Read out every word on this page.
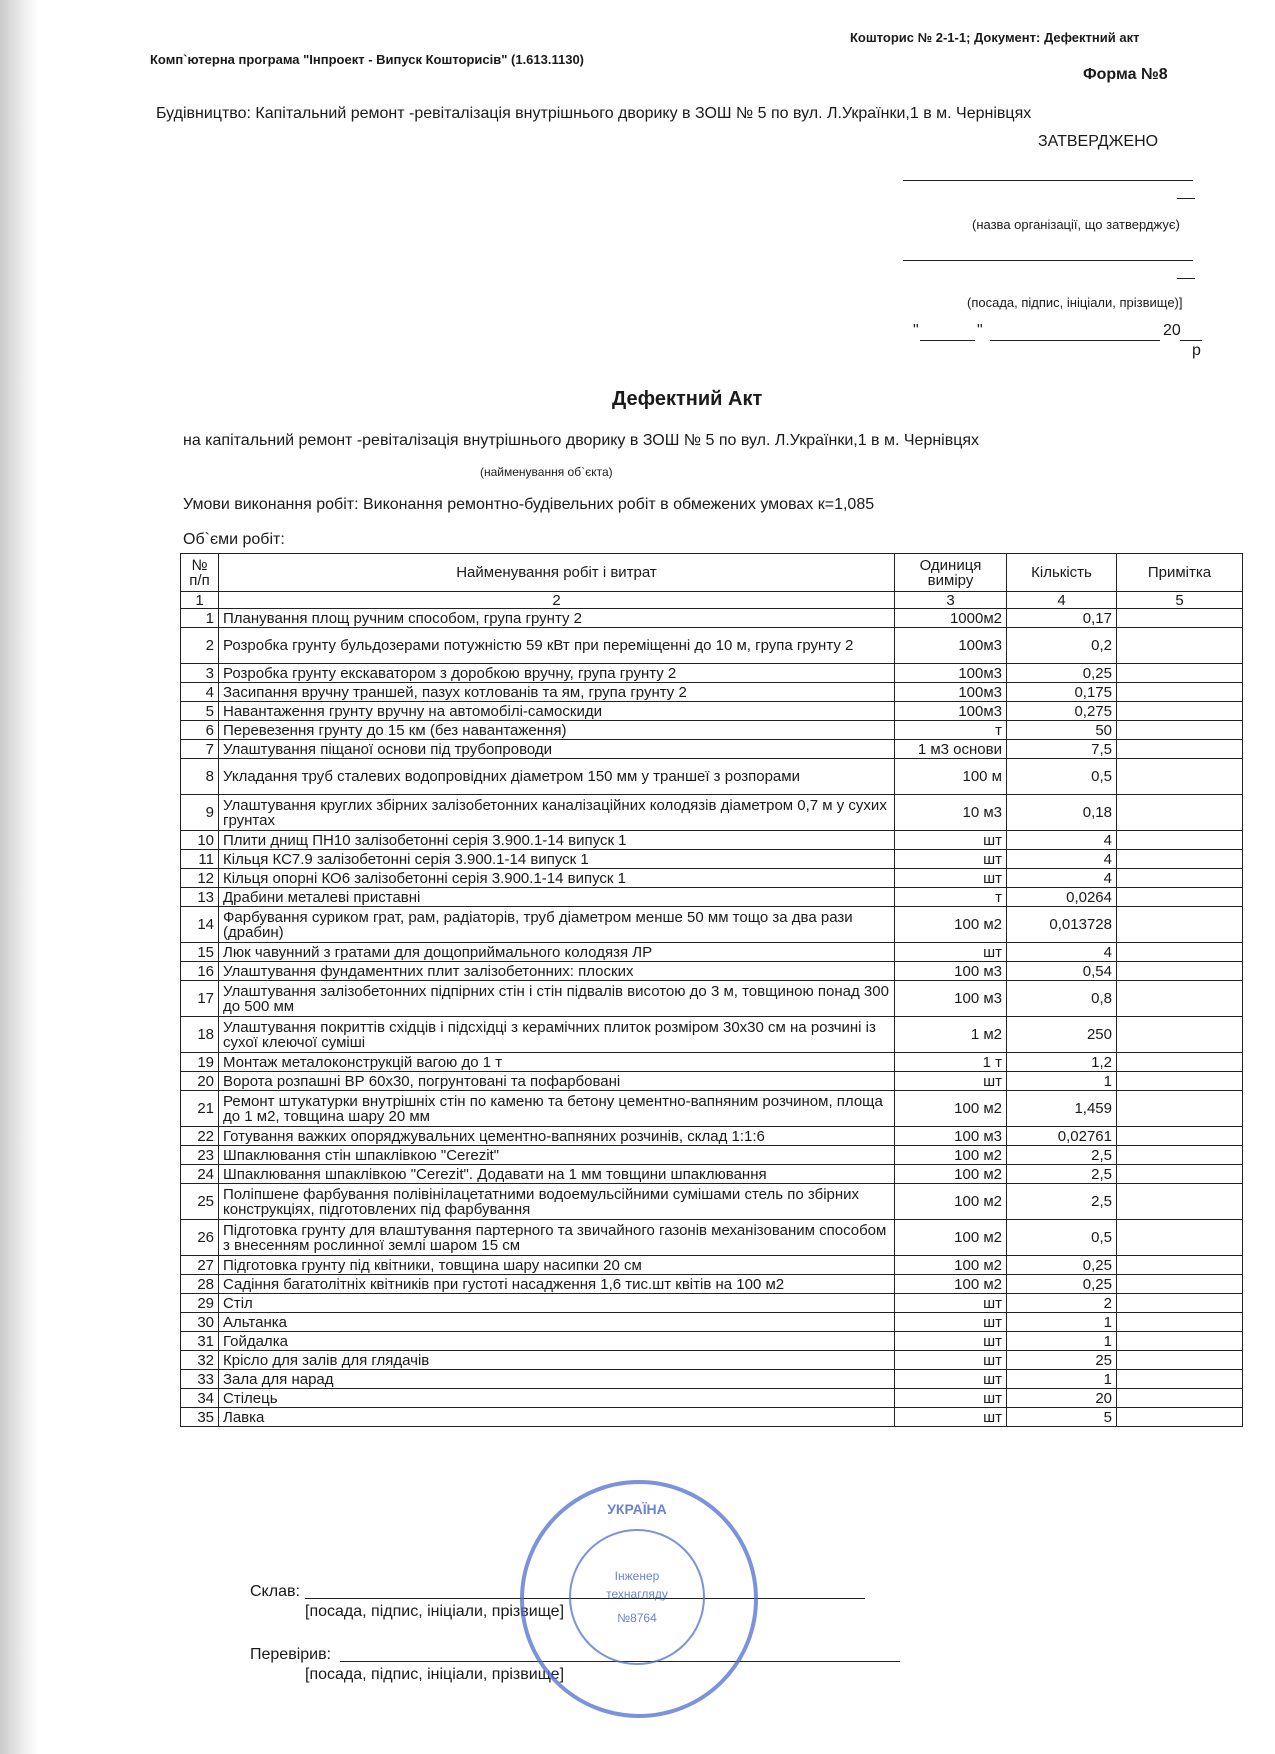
Комп`ютерна програма "Інпроект - Випуск Кошторисів" (1.613.1130)
Кошторис № 2-1-1; Документ: Дефектний акт
Форма №8
Будівництво: Капітальний ремонт -ревіталізація внутрішнього дворику в ЗОШ № 5 по вул. Л.Українки,1 в м. Чернівцях
ЗАТВЕРДЖЕНО
(назва організації, що затверджує)
(посада, підпис, ініціали, прізвище)]
"	"	20
р
Дефектний Акт
на капітальний ремонт -ревіталізація внутрішнього дворику в ЗОШ № 5 по вул. Л.Українки,1 в м. Чернівцях
(найменування об`єкта)
Умови виконання робіт: Виконання ремонтно-будівельних робіт в обмежених умовах к=1,085
Об`єми робіт:
№ п/п	Найменування робіт і витрат	Одиниця виміру	Кількість	Примітка
1	2	3	4	5
1	Планування площ ручним способом, група грунту 2	1000м2	0,17	
2	Розробка грунту бульдозерами потужністю 59 кВт при переміщенні до 10 м, група грунту 2	100м3	0,2	
3	Розробка грунту екскаватором з доробкою вручну, група грунту 2	100м3	0,25	
4	Засипання вручну траншей, пазух котлованів та ям, група грунту 2	100м3	0,175	
5	Навантаження грунту вручну на автомобілі-самоскиди	100м3	0,275	
6	Перевезення грунту до 15 км (без навантаження)	т	50	
7	Улаштування піщаної основи під трубопроводи	1 м3 основи	7,5	
8	Укладання труб сталевих водопровідних діаметром 150 мм у траншеї з розпорами	100 м	0,5	
9	Улаштування круглих збірних залізобетонних каналізаційних колодязів діаметром 0,7 м у сухих грунтах	10 м3	0,18	
10	Плити днищ ПН10 залізобетонні серія 3.900.1-14 випуск 1	шт	4	
11	Кільця КС7.9 залізобетонні серія 3.900.1-14 випуск 1	шт	4	
12	Кільця опорні КО6 залізобетонні серія 3.900.1-14 випуск 1	шт	4	
13	Драбини металеві приставні	т	0,0264	
14	Фарбування суриком грат, рам, радіаторів, труб діаметром менше 50 мм тощо за два рази (драбин)	100 м2	0,013728	
15	Люк чавунний з гратами для дощоприймального колодязя ЛР	шт	4	
16	Улаштування фундаментних плит залізобетонних: плоских	100 м3	0,54	
17	Улаштування залізобетонних підпірних стін і стін підвалів висотою до 3 м, товщиною понад 300 до 500 мм	100 м3	0,8	
18	Улаштування покриттів східців і підсхідці з керамічних плиток розміром 30х30 см на розчині із сухої клеючої суміші	1 м2	250	
19	Монтаж металоконструкцій вагою до 1 т	1 т	1,2	
20	Ворота розпашні ВР 60х30, погрунтовані та пофарбовані	шт	1	
21	Ремонт штукатурки внутрішніх стін по каменю та бетону цементно-вапняним розчином, площа до 1 м2, товщина шару 20 мм	100 м2	1,459	
22	Готування важких опоряджувальних цементно-вапняних розчинів, склад 1:1:6	100 м3	0,02761	
23	Шпаклювання стін шпаклівкою "Cerezit"	100 м2	2,5	
24	Шпаклювання шпаклівкою "Cerezit". Додавати на 1 мм товщини шпаклювання	100 м2	2,5	
25	Поліпшене фарбування полівінілацетатними водоемульсійними сумішами стель по збірних конструкціях, підготовлених під фарбування	100 м2	2,5	
26	Підготовка грунту для влаштування партерного та звичайного газонів механізованим способом з внесенням рослинної землі шаром 15 см	100 м2	0,5	
27	Підготовка грунту під квітники, товщина шару насипки 20 см	100 м2	0,25	
28	Садіння багатолітніх квітників при густоті насадження 1,6 тис.шт квітів на 100 м2	100 м2	0,25	
29	Стіл	шт	2	
30	Альтанка	шт	1	
31	Гойдалка	шт	1	
32	Крісло для залів для глядачів	шт	25	
33	Зала для нарад	шт	1	
34	Стілець	шт	20	
35	Лавка	шт	5	
Склав:
[посада, підпис, ініціали, прізвище]
Перевірив:
[посада, підпис, ініціали, прізвище]
УКРАЇНА
Інженер
технагляду
№8764
